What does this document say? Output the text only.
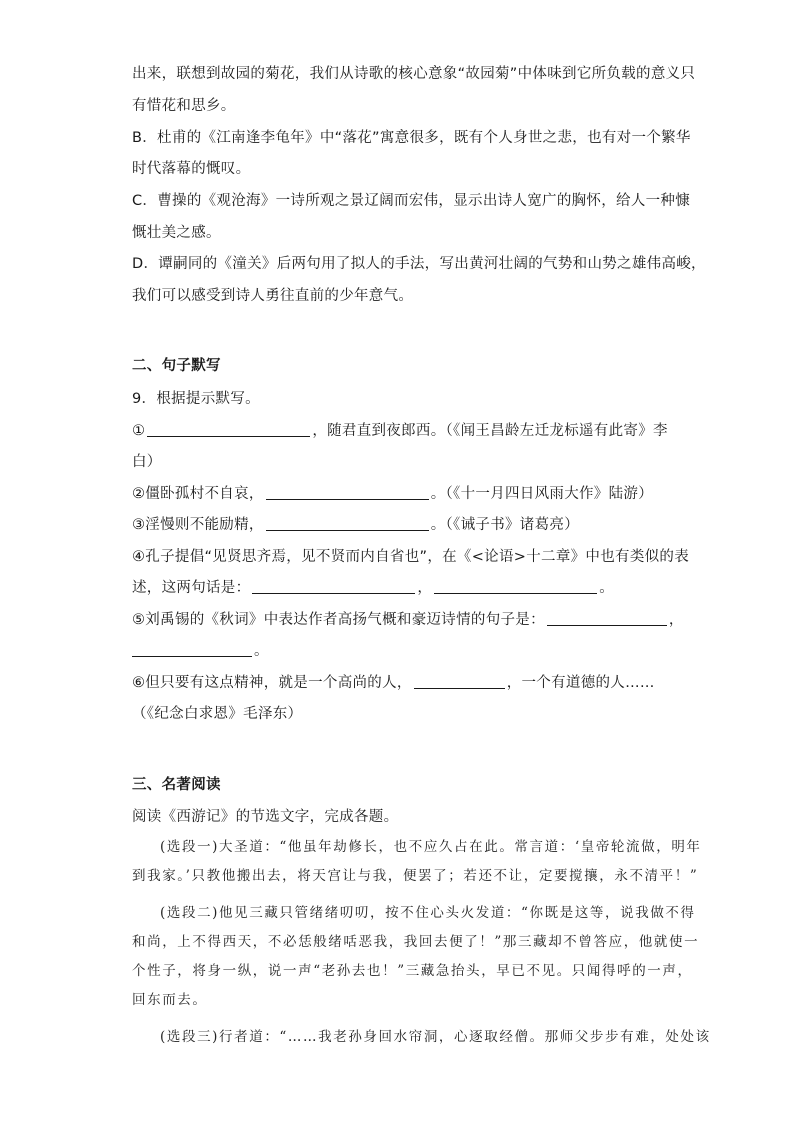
出来，联想到故园的菊花，我们从诗歌的核心意象“故园菊”中体味到它所负载的意义只
有惜花和思乡。
B．杜甫的《江南逢李龟年》中“落花”寓意很多，既有个人身世之悲，也有对一个繁华
时代落幕的慨叹。
C．曹操的《观沧海》一诗所观之景辽阔而宏伟，显示出诗人宽广的胸怀，给人一种慷
慨壮美之感。
D．谭嗣同的《潼关》后两句用了拟人的手法，写出黄河壮阔的气势和山势之雄伟高峻，
我们可以感受到诗人勇往直前的少年意气。
二、句子默写
9．根据提示默写。
①	，随君直到夜郎西。（《闻王昌龄左迁龙标遥有此寄》李
白）
②僵卧孤村不自哀，	。（《十一月四日风雨大作》陆游）
③淫慢则不能励精，	。（《诫子书》诸葛亮）
④孔子提倡“见贤思齐焉，见不贤而内自省也”，在《<论语>十二章》中也有类似的表
述，这两句话是：	，	。
⑤刘禹锡的《秋词》中表达作者高扬气概和豪迈诗情的句子是：	，
。
⑥但只要有这点精神，就是一个高尚的人，	，一个有道德的人……
（《纪念白求恩》毛泽东）
三、名著阅读
阅读《西游记》的节选文字，完成各题。
(选段一)大圣道：“他虽年劫修长，也不应久占在此。常言道：‘皇帝轮流做，明年
到我家。’只教他搬出去，将天宫让与我，便罢了；若还不让，定要搅攘，永不清平！”
(选段二)他见三藏只管绪绪叨叨，按不住心头火发道：“你既是这等，说我做不得
和尚，上不得西天，不必恁般绪咶恶我，我回去便了！”那三藏却不曾答应，他就使一
个性子，将身一纵，说一声“老孙去也！”三藏急抬头，早已不见。只闻得呼的一声，
回东而去。
(选段三)行者道：“……我老孙身回水帘洞，心逐取经僧。那师父步步有难，处处该
